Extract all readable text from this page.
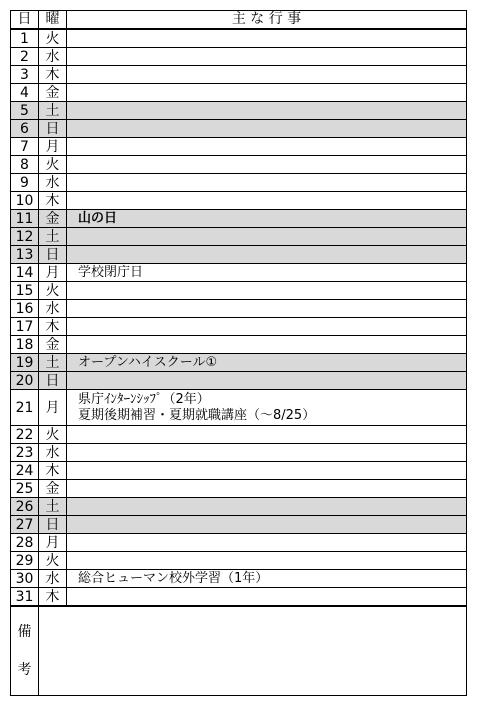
日	曜	主 な 行 事
1	火	
2	水	
3	木	
4	金	
5	土	
6	日	
7	月	
8	火	
9	水	
10	木	
11	金	山の日

12	土	
13	日	
14	月	学校閉庁日

15	火	
16	水	
17	木	
18	金	
19	土	オープンハイスクール①

20	日	
21	月	県庁ｲﾝﾀｰﾝｼｯﾌﾟ（2年）
夏期後期補習・夏期就職講座（～8/25）

22	火	
23	水	
24	木	
25	金	
26	土	
27	日	
28	月	
29	火	
30	水	総合ヒューマン校外学習（1年）

31	木	

備
考		
